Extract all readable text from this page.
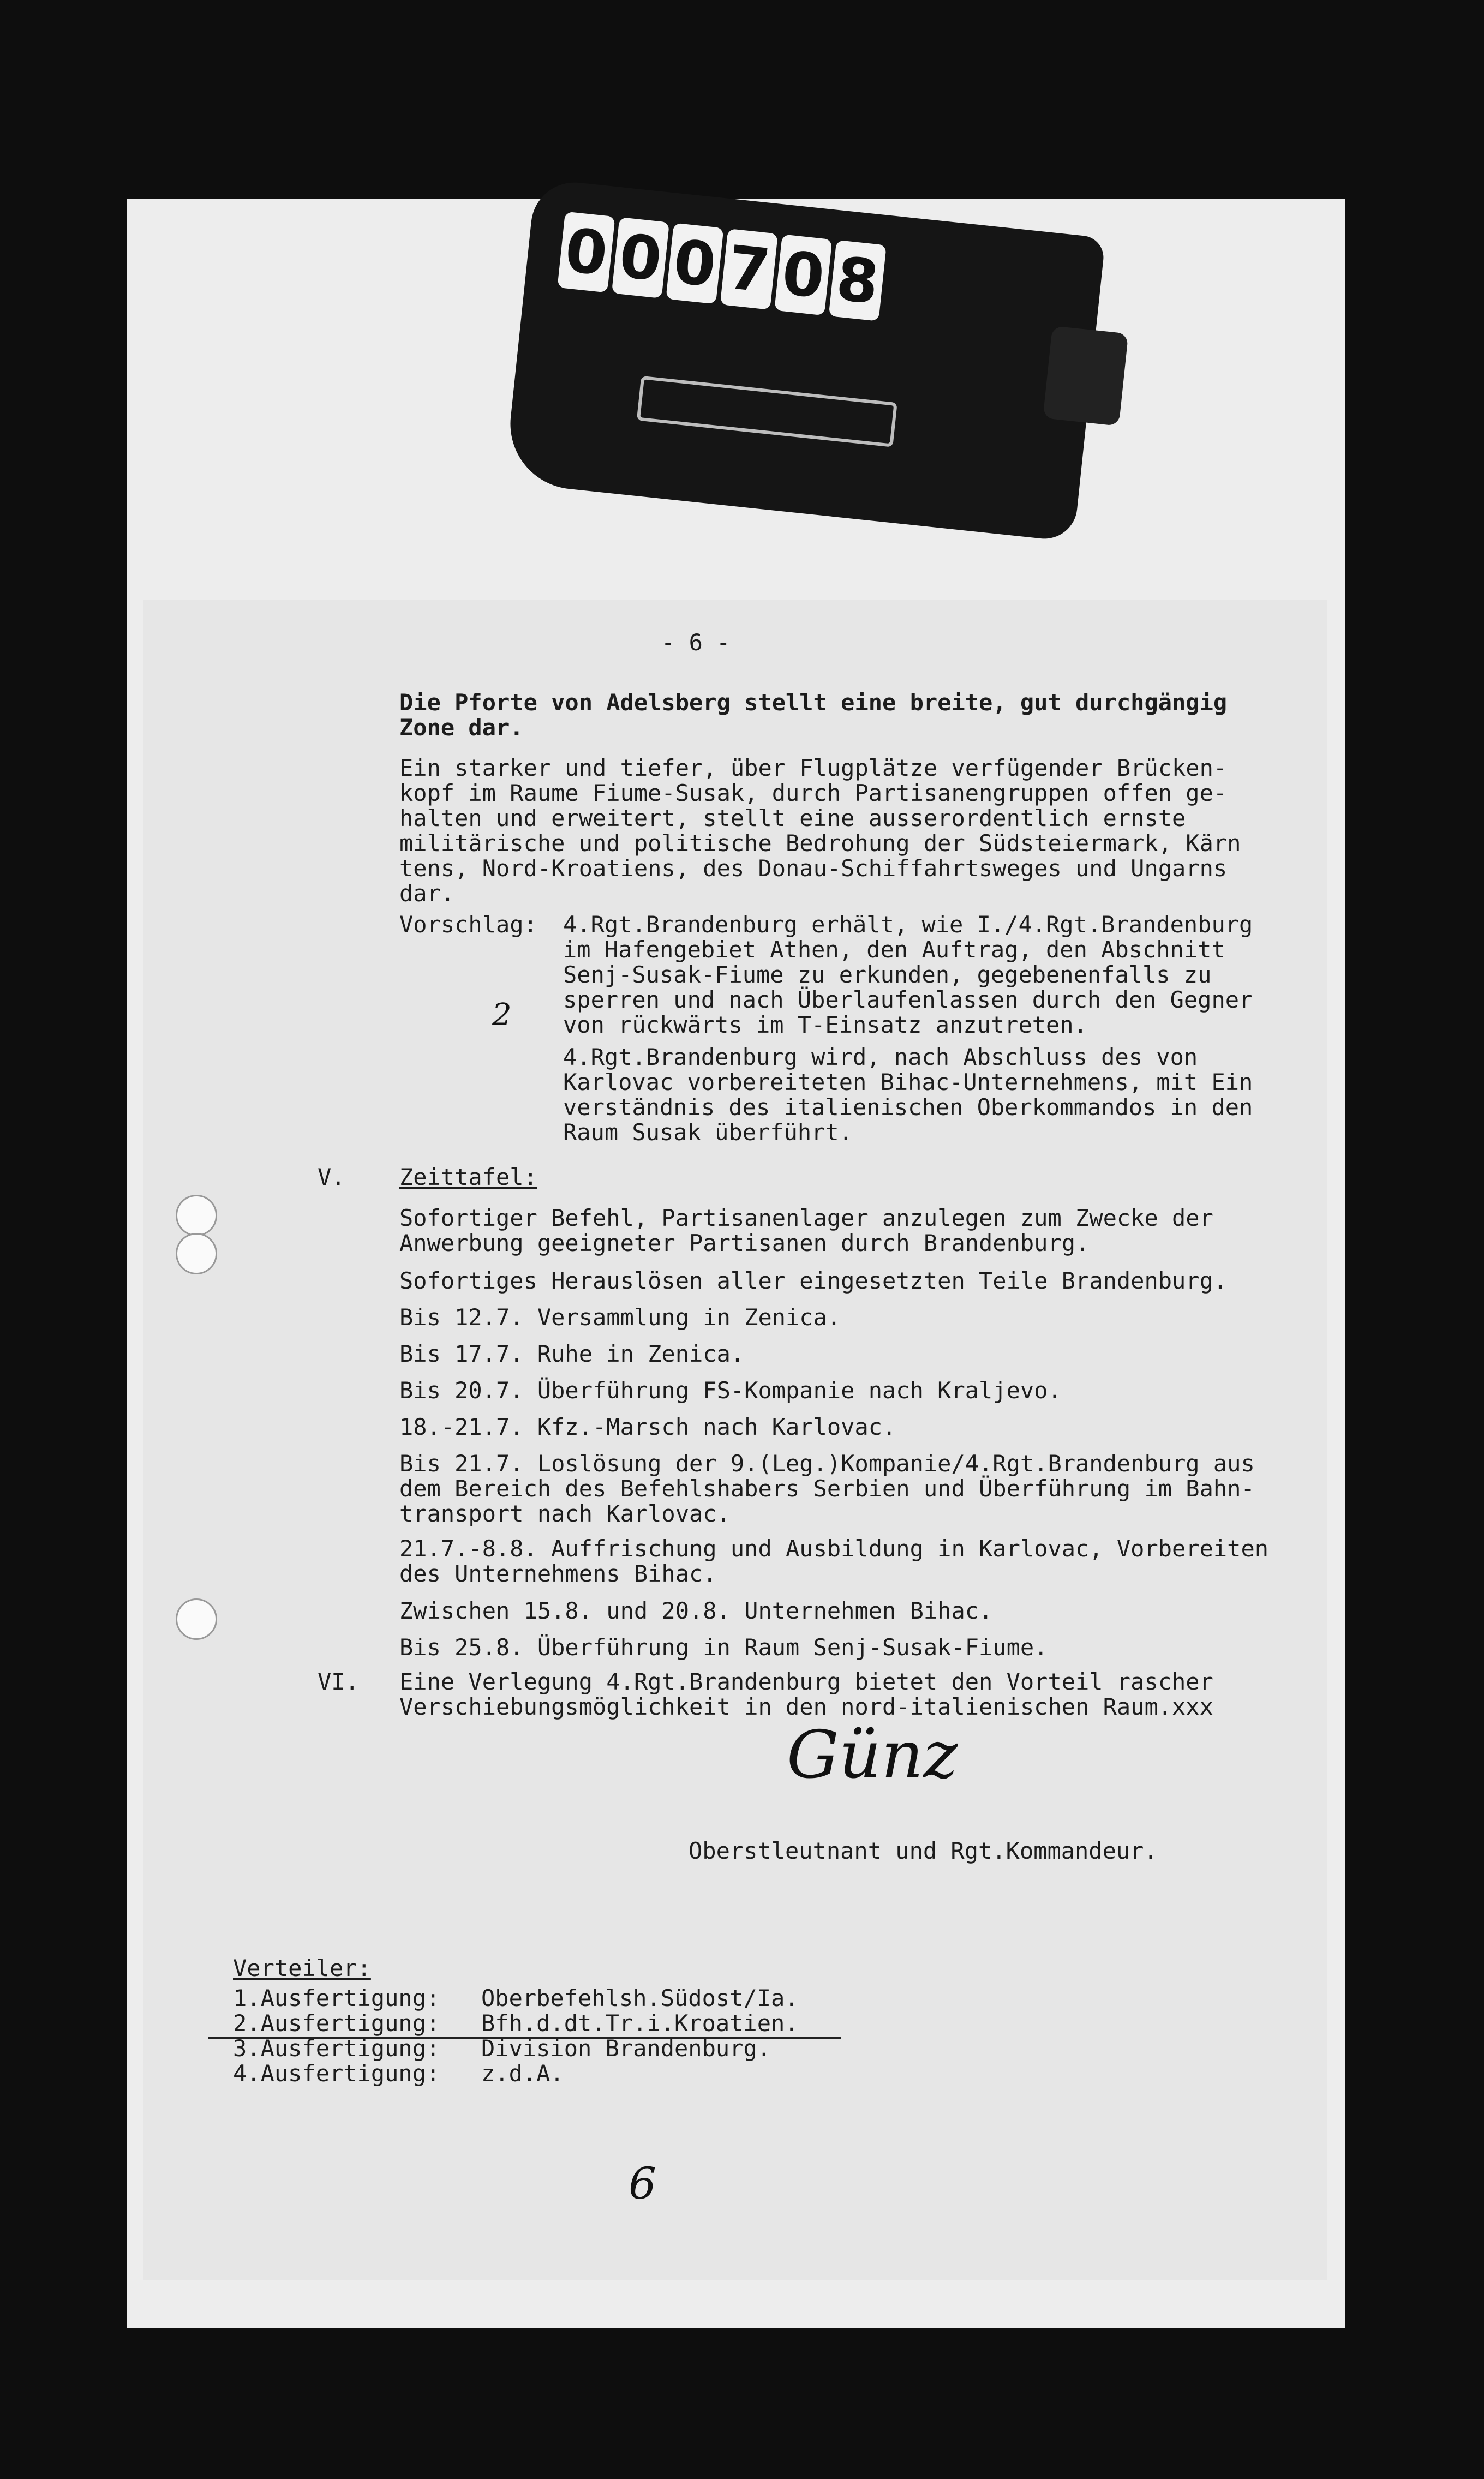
0 0 0 7 0 8
- 6 -
Die Pforte von Adelsberg stellt eine breite, gut durchgängig
Zone dar.
Ein starker und tiefer, über Flugplätze verfügender Brücken-
kopf im Raume Fiume-Susak, durch Partisanengruppen offen ge-
halten und erweitert, stellt eine ausserordentlich ernste
militärische und politische Bedrohung der Südsteiermark, Kärn
tens, Nord-Kroatiens, des Donau-Schiffahrtsweges und Ungarns
dar.
Vorschlag: 4.Rgt.Brandenburg erhält, wie I./4.Rgt.Brandenburg
im Hafengebiet Athen, den Auftrag, den Abschnitt
Senj-Susak-Fiume zu erkunden, gegebenenfalls zu
sperren und nach Überlaufenlassen durch den Gegner
von rückwärts im T-Einsatz anzutreten.
2
4.Rgt.Brandenburg wird, nach Abschluss des von
Karlovac vorbereiteten Bihac-Unternehmens, mit Ein
verständnis des italienischen Oberkommandos in den
Raum Susak überführt.
V. Zeittafel:
Sofortiger Befehl, Partisanenlager anzulegen zum Zwecke der
Anwerbung geeigneter Partisanen durch Brandenburg.
Sofortiges Herauslösen aller eingesetzten Teile Brandenburg.
Bis 12.7. Versammlung in Zenica.
Bis 17.7. Ruhe in Zenica.
Bis 20.7. Überführung FS-Kompanie nach Kraljevo.
18.-21.7. Kfz.-Marsch nach Karlovac.
Bis 21.7. Loslösung der 9.(Leg.)Kompanie/4.Rgt.Brandenburg aus
dem Bereich des Befehlshabers Serbien und Überführung im Bahn-
transport nach Karlovac.
21.7.-8.8. Auffrischung und Ausbildung in Karlovac, Vorbereiten
des Unternehmens Bihac.
Zwischen 15.8. und 20.8. Unternehmen Bihac.
Bis 25.8. Überführung in Raum Senj-Susak-Fiume.
VI. Eine Verlegung 4.Rgt.Brandenburg bietet den Vorteil rascher
Verschiebungsmöglichkeit in den nord-italienischen Raum.xxx
Günz
Oberstleutnant und Rgt.Kommandeur.
Verteiler:
1.Ausfertigung: Oberbefehlsh.Südost/Ia.
2.Ausfertigung: Bfh.d.dt.Tr.i.Kroatien.
3.Ausfertigung: Division Brandenburg.
4.Ausfertigung: z.d.A.
6
